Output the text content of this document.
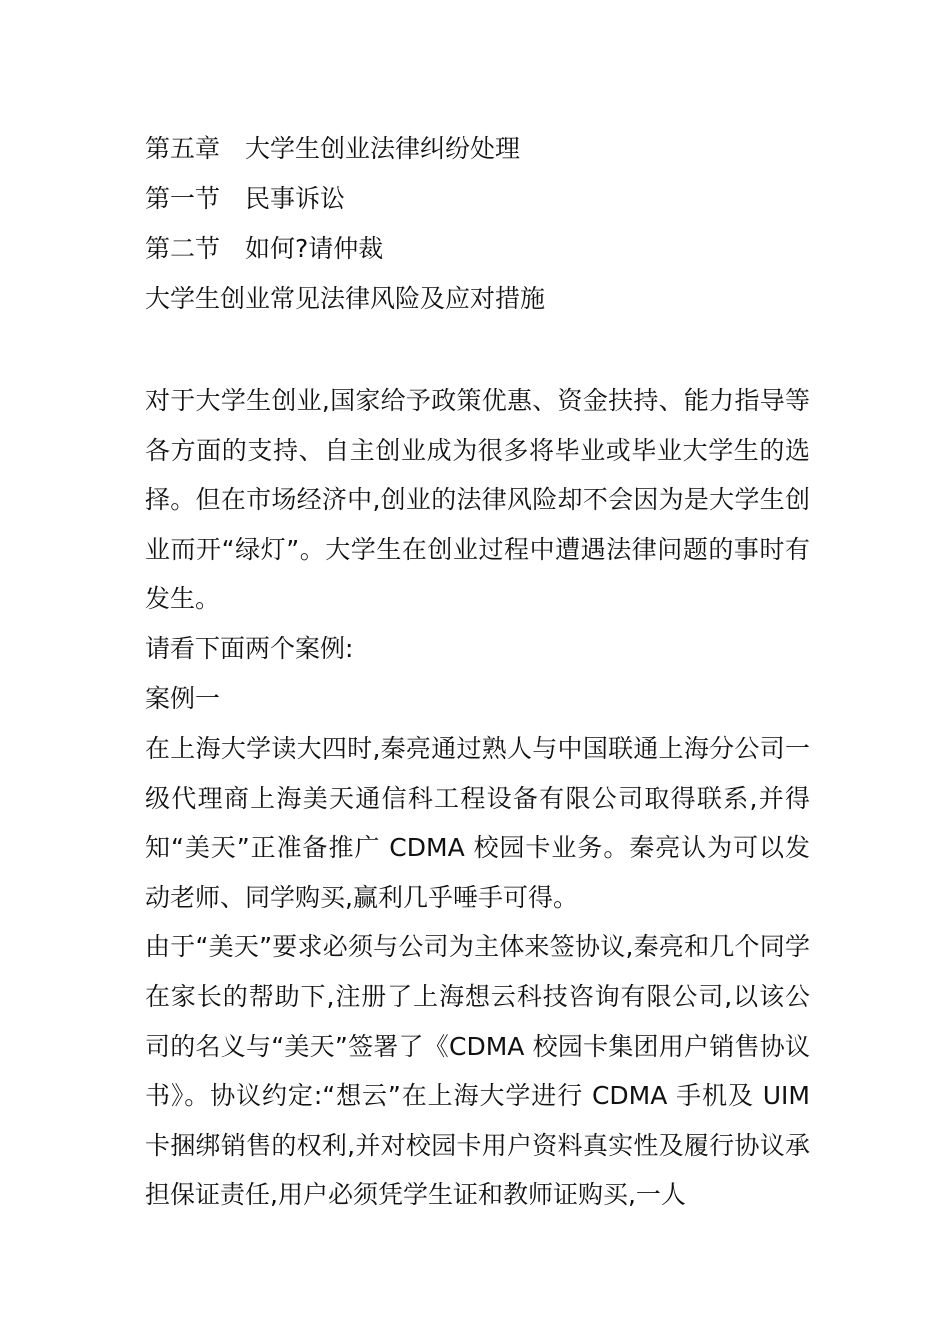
第五章 大学生创业法律纠纷处理
第一节 民事诉讼
第二节 如何?请仲裁
大学生创业常见法律风险及应对措施
对于大学生创业,国家给予政策优惠、资金扶持、能力指导等各方面的支持、自主创业成为很多将毕业或毕业大学生的选择。但在市场经济中,创业的法律风险却不会因为是大学生创业而开“绿灯”。大学生在创业过程中遭遇法律问题的事时有发生。
请看下面两个案例:
案例一
在上海大学读大四时,秦亮通过熟人与中国联通上海分公司一级代理商上海美天通信科工程设备有限公司取得联系,并得知“美天”正准备推广 CDMA 校园卡业务。秦亮认为可以发动老师、同学购买,赢利几乎唾手可得。
由于“美天”要求必须与公司为主体来签协议,秦亮和几个同学在家长的帮助下,注册了上海想云科技咨询有限公司,以该公司的名义与“美天”签署了《CDMA 校园卡集团用户销售协议书》。协议约定:“想云”在上海大学进行 CDMA 手机及 UIM 卡捆绑销售的权利,并对校园卡用户资料真实性及履行协议承担保证责任,用户必须凭学生证和教师证购买,一人
